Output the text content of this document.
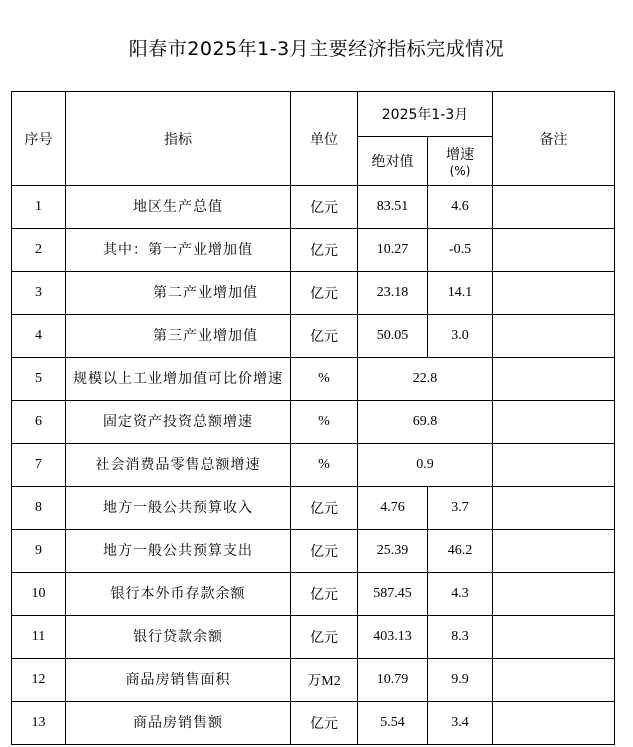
阳春市2025年1-3月主要经济指标完成情况
序号	指标	单位	2025年1-3月		备注
			绝对值	增速
(%)	

1	地区生产总值	亿元	83.51	4.6	
2	其中：第一产业增加值	亿元	10.27	-0.5	
3	第二产业增加值	亿元	23.18	14.1	
4	第三产业增加值	亿元	50.05	3.0	
5	规模以上工业增加值可比价增速	%	22.8		
6	固定资产投资总额增速	%	69.8		
7	社会消费品零售总额增速	%	0.9		
8	地方一般公共预算收入	亿元	4.76	3.7	
9	地方一般公共预算支出	亿元	25.39	46.2	
10	银行本外币存款余额	亿元	587.45	4.3	
11	银行贷款余额	亿元	403.13	8.3	
12	商品房销售面积	万M2	10.79	9.9	
13	商品房销售额	亿元	5.54	3.4	
